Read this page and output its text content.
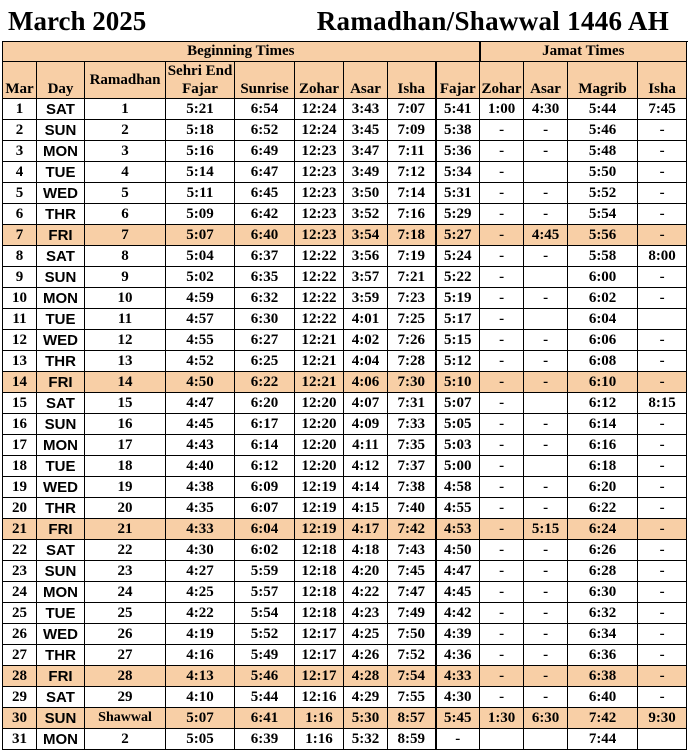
March 2025	Ramadhan/Shawwal 1446 AH
Beginning Times									Jamat Times			
Mar	Day	Ramadhan	Sehri End	Sunrise	Zohar	Asar	Isha	Fajar	Zohar	Asar	Magrib	Isha
			Fajar									
1	SAT	1	5:21	6:54	12:24	3:43	7:07	5:41	1:00	4:30	5:44	7:45
2	SUN	2	5:18	6:52	12:24	3:45	7:09	5:38	-	-	5:46	-
3	MON	3	5:16	6:49	12:23	3:47	7:11	5:36	-	-	5:48	-
4	TUE	4	5:14	6:47	12:23	3:49	7:12	5:34	-		5:50	-
5	WED	5	5:11	6:45	12:23	3:50	7:14	5:31	-	-	5:52	-
6	THR	6	5:09	6:42	12:23	3:52	7:16	5:29	-	-	5:54	-
7	FRI	7	5:07	6:40	12:23	3:54	7:18	5:27	-	4:45	5:56	-
8	SAT	8	5:04	6:37	12:22	3:56	7:19	5:24	-	-	5:58	8:00
9	SUN	9	5:02	6:35	12:22	3:57	7:21	5:22	-		6:00	-
10	MON	10	4:59	6:32	12:22	3:59	7:23	5:19	-	-	6:02	-
11	TUE	11	4:57	6:30	12:22	4:01	7:25	5:17	-		6:04	
12	WED	12	4:55	6:27	12:21	4:02	7:26	5:15	-	-	6:06	-
13	THR	13	4:52	6:25	12:21	4:04	7:28	5:12	-	-	6:08	-
14	FRI	14	4:50	6:22	12:21	4:06	7:30	5:10	-	-	6:10	-
15	SAT	15	4:47	6:20	12:20	4:07	7:31	5:07	-		6:12	8:15
16	SUN	16	4:45	6:17	12:20	4:09	7:33	5:05	-	-	6:14	-
17	MON	17	4:43	6:14	12:20	4:11	7:35	5:03	-	-	6:16	-
18	TUE	18	4:40	6:12	12:20	4:12	7:37	5:00	-		6:18	-
19	WED	19	4:38	6:09	12:19	4:14	7:38	4:58	-	-	6:20	-
20	THR	20	4:35	6:07	12:19	4:15	7:40	4:55	-	-	6:22	-
21	FRI	21	4:33	6:04	12:19	4:17	7:42	4:53	-	5:15	6:24	-
22	SAT	22	4:30	6:02	12:18	4:18	7:43	4:50	-	-	6:26	-
23	SUN	23	4:27	5:59	12:18	4:20	7:45	4:47	-	-	6:28	-
24	MON	24	4:25	5:57	12:18	4:22	7:47	4:45	-	-	6:30	-
25	TUE	25	4:22	5:54	12:18	4:23	7:49	4:42	-	-	6:32	-
26	WED	26	4:19	5:52	12:17	4:25	7:50	4:39	-	-	6:34	-
27	THR	27	4:16	5:49	12:17	4:26	7:52	4:36	-	-	6:36	-
28	FRI	28	4:13	5:46	12:17	4:28	7:54	4:33	-	-	6:38	-
29	SAT	29	4:10	5:44	12:16	4:29	7:55	4:30	-	-	6:40	-
30	SUN	Shawwal	5:07	6:41	1:16	5:30	8:57	5:45	1:30	6:30	7:42	9:30
31	MON	2	5:05	6:39	1:16	5:32	8:59	-			7:44	
